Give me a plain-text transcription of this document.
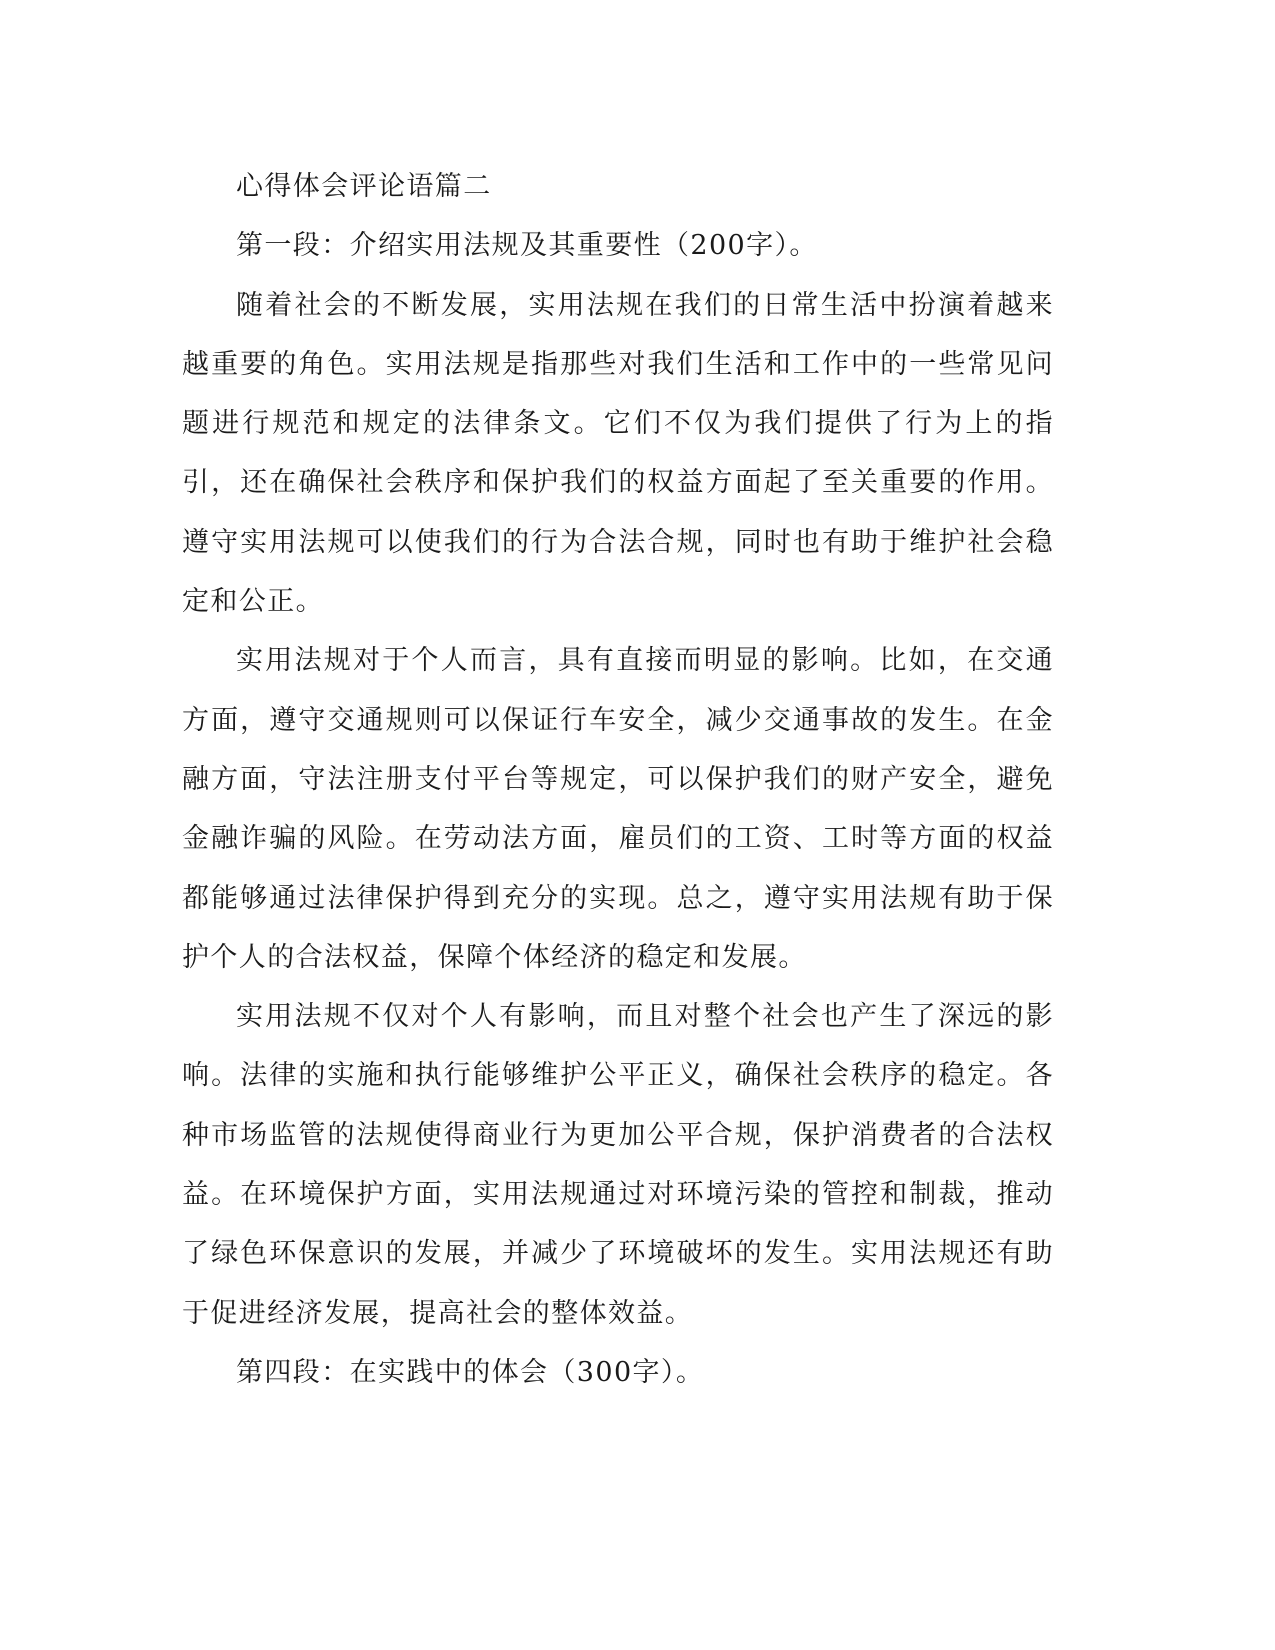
心得体会评论语篇二

第一段：介绍实用法规及其重要性（200字）。

随着社会的不断发展，实用法规在我们的日常生活中扮演着越来越重要的角色。实用法规是指那些对我们生活和工作中的一些常见问题进行规范和规定的法律条文。它们不仅为我们提供了行为上的指引，还在确保社会秩序和保护我们的权益方面起了至关重要的作用。遵守实用法规可以使我们的行为合法合规，同时也有助于维护社会稳定和公正。

实用法规对于个人而言，具有直接而明显的影响。比如，在交通方面，遵守交通规则可以保证行车安全，减少交通事故的发生。在金融方面，守法注册支付平台等规定，可以保护我们的财产安全，避免金融诈骗的风险。在劳动法方面，雇员们的工资、工时等方面的权益都能够通过法律保护得到充分的实现。总之，遵守实用法规有助于保护个人的合法权益，保障个体经济的稳定和发展。

实用法规不仅对个人有影响，而且对整个社会也产生了深远的影响。法律的实施和执行能够维护公平正义，确保社会秩序的稳定。各种市场监管的法规使得商业行为更加公平合规，保护消费者的合法权益。在环境保护方面，实用法规通过对环境污染的管控和制裁，推动了绿色环保意识的发展，并减少了环境破坏的发生。实用法规还有助于促进经济发展，提高社会的整体效益。

第四段：在实践中的体会（300字）。
